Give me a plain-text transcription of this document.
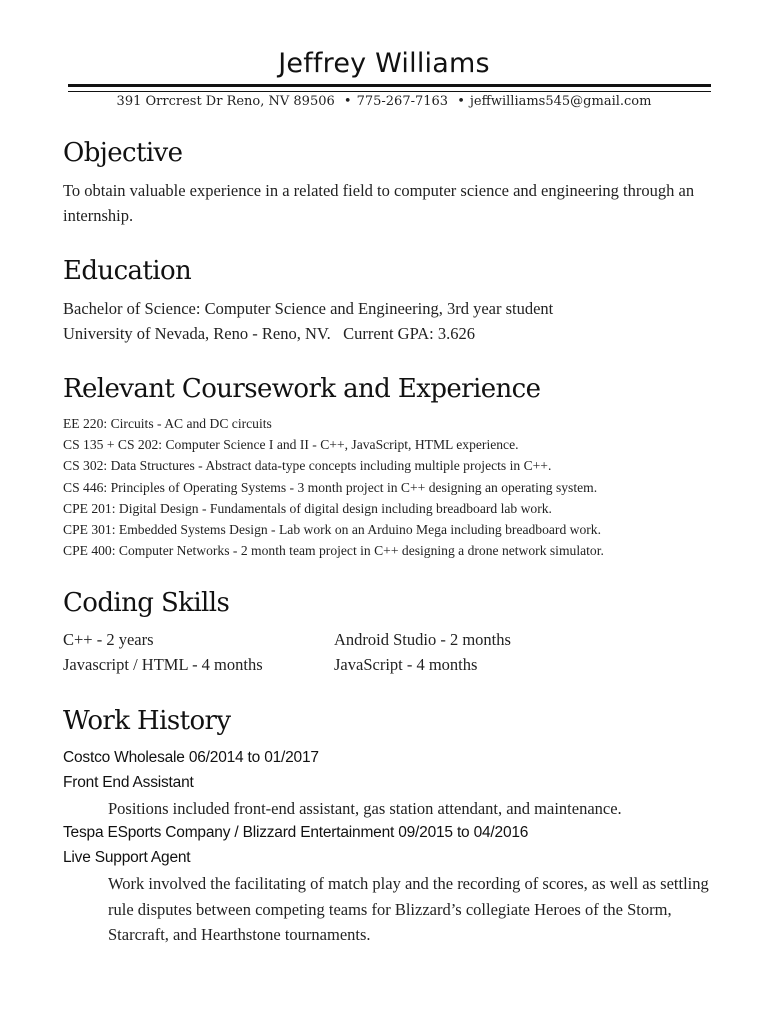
Jeffrey Williams
391 Orrcrest Dr Reno, NV 89506 • 775-267-7163 • jeffwilliams545@gmail.com
Objective

To obtain valuable experience in a related field to computer science and engineering through an internship.

Education

Bachelor of Science: Computer Science and Engineering, 3rd year student

University of Nevada, Reno - Reno, NV.   Current GPA: 3.626

Relevant Coursework and Experience
EE 220: Circuits - AC and DC circuits
CS 135 + CS 202: Computer Science I and II - C++, JavaScript, HTML experience.
CS 302: Data Structures - Abstract data-type concepts including multiple projects in C++.
CS 446: Principles of Operating Systems - 3 month project in C++ designing an operating system.
CPE 201: Digital Design - Fundamentals of digital design including breadboard lab work.
CPE 301: Embedded Systems Design - Lab work on an Arduino Mega including breadboard work.
CPE 400: Computer Networks - 2 month team project in C++ designing a drone network simulator.
Coding Skills
C++ - 2 years	Android Studio - 2 months
Javascript / HTML - 4 months	JavaScript - 4 months
Work History
Costco Wholesale 06/2014 to 01/2017
Front End Assistant

Positions included front-end assistant, gas station attendant, and maintenance.

Tespa ESports Company / Blizzard Entertainment 09/2015 to 04/2016
Live Support Agent

Work involved the facilitating of match play and the recording of scores, as well as settling rule disputes between competing teams for Blizzard’s collegiate Heroes of the Storm, Starcraft, and Hearthstone tournaments.
